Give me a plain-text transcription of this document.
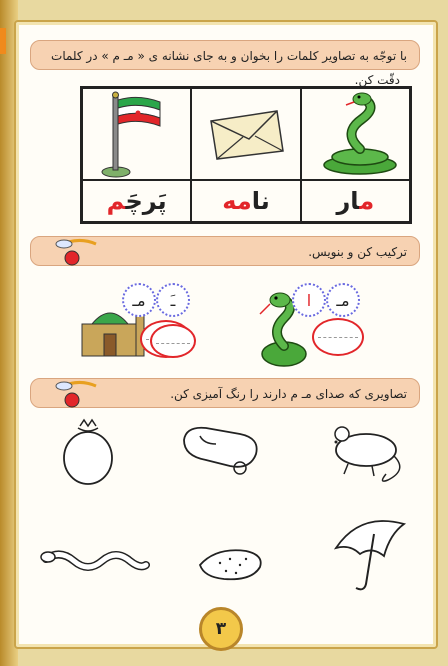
با توجّه به تصاویر کلمات را بخوان و به جای نشانه ی « مـ م » در کلمات
دقّت کن.
پَرچَم	نامه	مار
ترکیب کن و بنویس.
ـَ
مـ	ا مـ
تصاویری که صدای مـ م دارند را رنگ آمیزی کن.
۳
